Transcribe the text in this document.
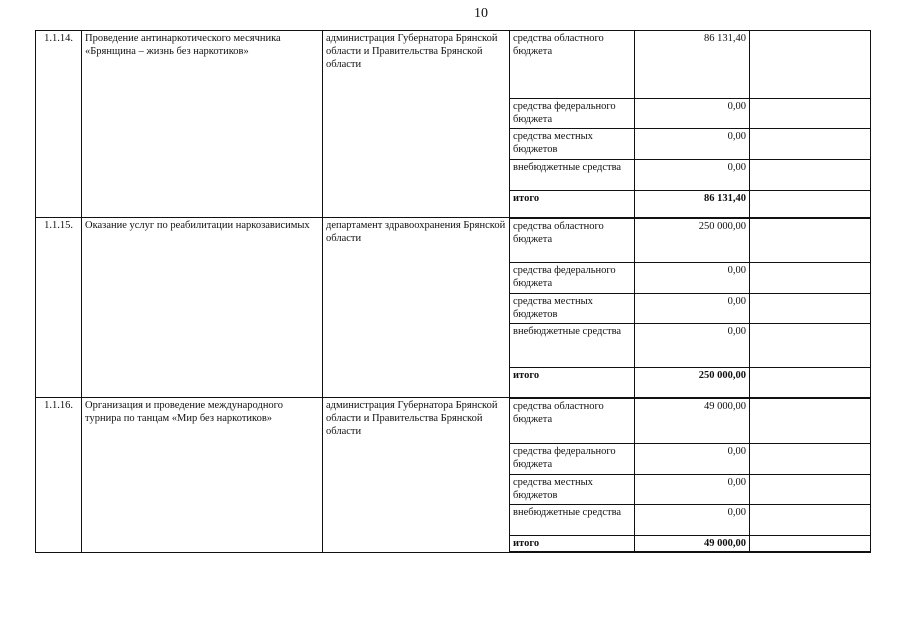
10
1.1.14.	Проведение антинаркотического месячника «Брянщина – жизнь без наркотиков»	администрация Губернатора Брянской области и Правительства Брянской области	средства областного бюджета	86 131,40	
			средства федерального бюджета	0,00	
			средства местных бюджетов	0,00	
			внебюджетные средства	0,00	
			итого	86 131,40	
1.1.15.	Оказание услуг по реабилитации наркозависимых	департамент здравоохранения Брянской области	средства областного бюджета	250 000,00	
			средства федерального бюджета	0,00	
			средства местных бюджетов	0,00	
			внебюджетные средства	0,00	
			итого	250 000,00	
1.1.16.	Организация и проведение международного турнира по танцам «Мир без наркотиков»	администрация Губернатора Брянской области и Правительства Брянской области	средства областного бюджета	49 000,00	
			средства федерального бюджета	0,00	
			средства местных бюджетов	0,00	
			внебюджетные средства	0,00	
			итого	49 000,00	
